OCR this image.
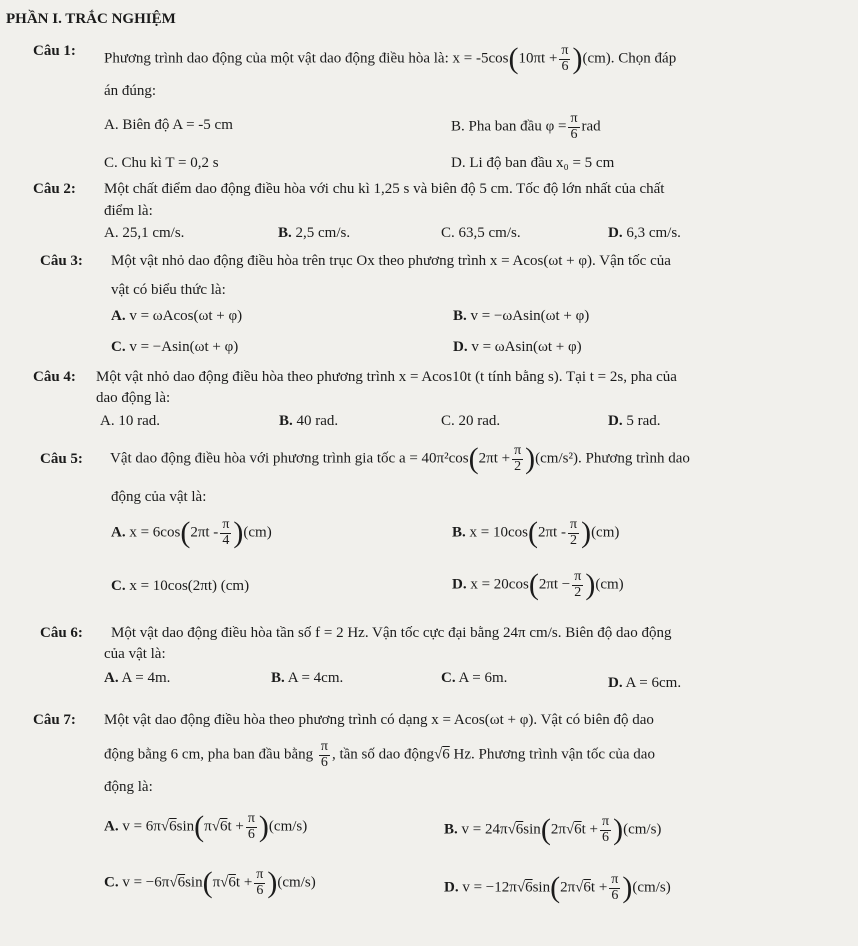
PHẦN I. TRẮC NGHIỆM
Câu 1: Phương trình dao động của một vật dao động điều hòa là: $x = -5\cos(10\pi t + \frac{\pi}{6} )(cm)$. Chọn đáp
án đúng:
A. Biên độ A = -5 cm	B. Pha ban đầu $\varphi = \frac{\pi}{6}$ rad
C. Chu kì T = 0,2 s	D. Li độ ban đầu x₀ = 5 cm
Câu 2: Một chất điểm dao động điều hòa với chu kì 1,25 s và biên độ 5 cm. Tốc độ lớn nhất của chất
điểm là:
A. 25,1 cm/s.	B. 2,5 cm/s.	C. 63,5 cm/s.	D. 6,3 cm/s.
Câu 3: Một vật nhỏ dao động điều hòa trên trục Ox theo phương trình x = Acos(ωt + φ). Vận tốc của
vật có biểu thức là:
A. v = ωAcos(ωt + φ)	B. v = −ωAsin(ωt + φ)
C. v = −Asin(ωt + φ)	D. v = ωAsin(ωt + φ)
Câu 4: Một vật nhỏ dao động điều hòa theo phương trình x = Acos10t (t tính bằng s). Tại t = 2s, pha của
dao động là:
A. 10 rad.	B. 40 rad.	C. 20 rad.	D. 5 rad.
Câu 5: Vật dao động điều hòa với phương trình gia tốc $a = 40\pi^2\cos(2\pi t + \frac{\pi}{2} )(cm/s^2)$. Phương trình dao
động của vật là:
A. $x = 6\cos(2\pi t - \frac{\pi}{4} )(cm)$	B. $x = 10\cos(2\pi t - \frac{\pi}{2} )(cm)$
C. x = 10cos(2πt) (cm)	D. $x = 20\cos(2\pi t - \frac{\pi}{2} )(cm)$
Câu 6: Một vật dao động điều hòa tần số f = 2 Hz. Vận tốc cực đại bằng 24π cm/s. Biên độ dao động
của vật là:
A. A = 4m.	B. A = 4cm.	C. A = 6m.	D. A = 6cm.
Câu 7: Một vật dao động điều hòa theo phương trình có dạng x = Acos(ωt + φ). Vật có biên độ dao
động bằng 6 cm, pha ban đầu bằng $\frac{\pi}{6}$ , tần số dao động√6 Hz. Phương trình vận tốc của dao
động là:
A. $v = 6\pi√6\sin(\pi√6t + \frac{\pi}{6} )(cm/s)$	B. $v = 24\pi√6\sin(2\pi√6t + \frac{\pi}{6} )(cm/s)$
C. $v = -6\pi√6\sin(\pi√6t + \frac{\pi}{6} )(cm/s)$	D. $v = -12\pi√6\sin(2\pi√6t + \frac{\pi}{6} )(cm/s)$
